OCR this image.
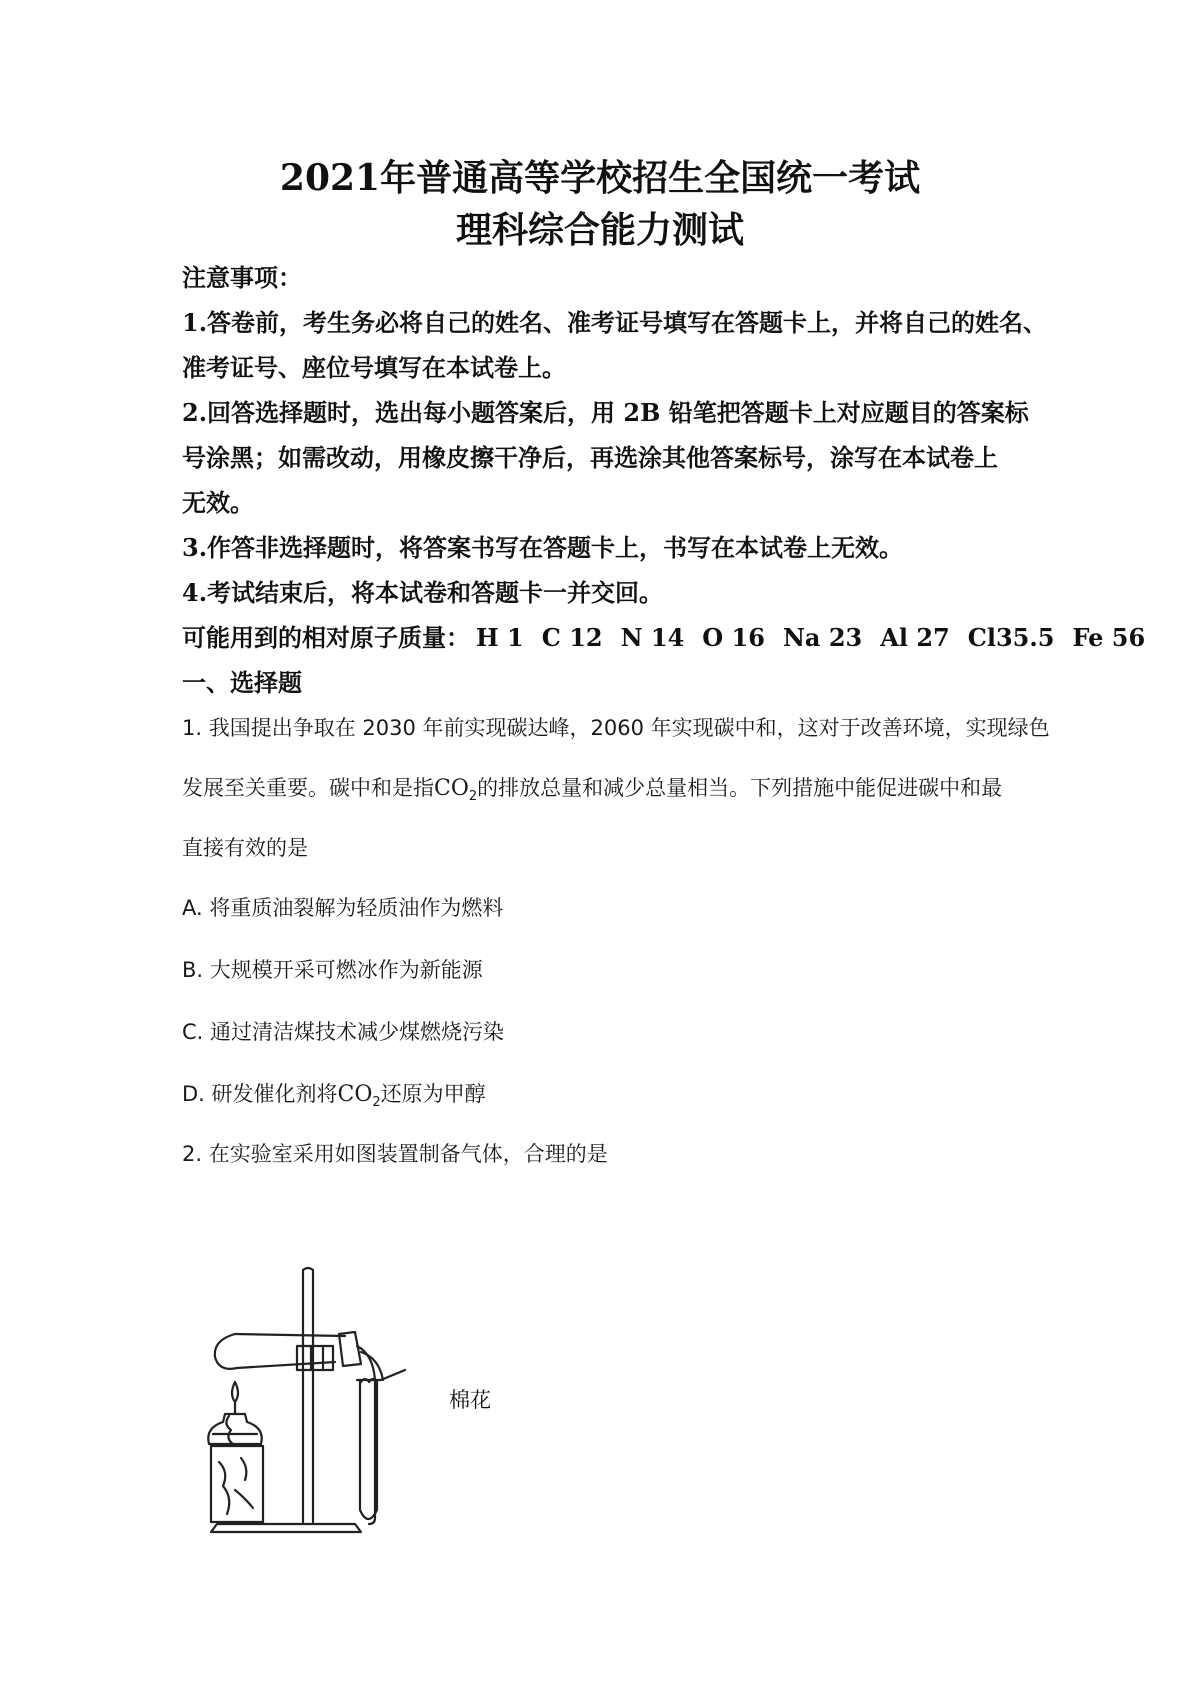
2021年普通高等学校招生全国统一考试
理科综合能力测试
注意事项：
1.答卷前，考生务必将自己的姓名、准考证号填写在答题卡上，并将自己的姓名、
准考证号、座位号填写在本试卷上。
2.回答选择题时，选出每小题答案后，用 2B 铅笔把答题卡上对应题目的答案标
号涂黑；如需改动，用橡皮擦干净后，再选涂其他答案标号，涂写在本试卷上
无效。
3.作答非选择题时，将答案书写在答题卡上，书写在本试卷上无效。
4.考试结束后，将本试卷和答题卡一并交回。
可能用到的相对原子质量： H 1 C 12 N 14 O 16 Na 23 Al 27 Cl35.5 Fe 56
一、选择题
1. 我国提出争取在 2030 年前实现碳达峰，2060 年实现碳中和，这对于改善环境，实现绿色
发展至关重要。碳中和是指$CO_2$的排放总量和减少总量相当。下列措施中能促进碳中和最
直接有效的是
A. 将重质油裂解为轻质油作为燃料
B. 大规模开采可燃冰作为新能源
C. 通过清洁煤技术减少煤燃烧污染
D. 研发催化剂将$CO_2$还原为甲醇
2. 在实验室采用如图装置制备气体，合理的是
棉花
